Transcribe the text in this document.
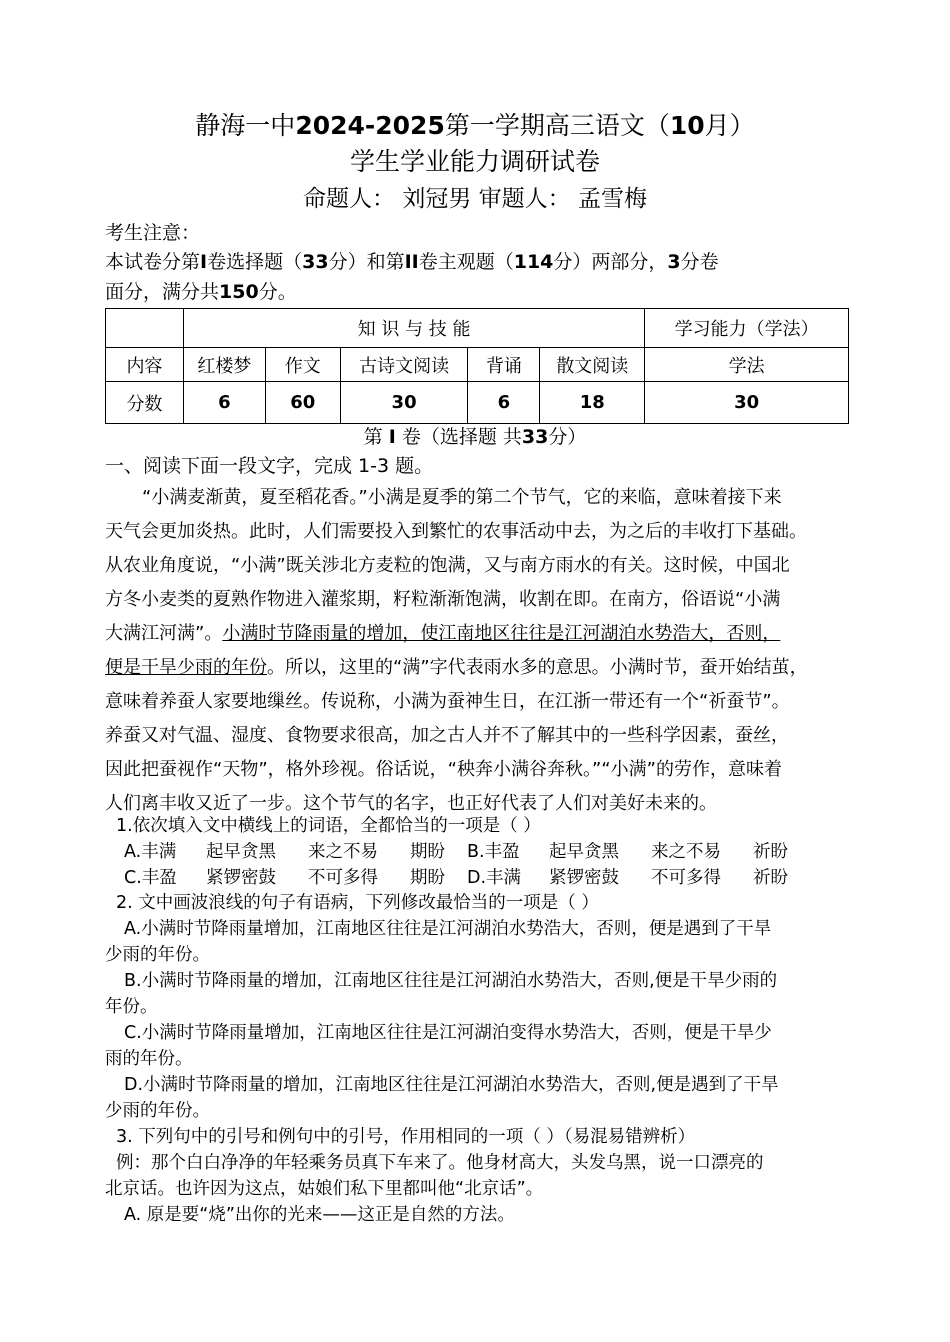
静海一中2024-2025第一学期高三语文（10月）
学生学业能力调研试卷
命题人： 刘冠男 审题人： 孟雪梅
考生注意：
本试卷分第I卷选择题（33分）和第II卷主观题（114分）两部分，3分卷
面分，满分共150分。
	知 识 与 技 能					学习能力（学法）
内容	红楼梦	作文	古诗文阅读	背诵	散文阅读	学法
分数	6	60	30	6	18	30
第 I 卷（选择题 共33分）
一、阅读下面一段文字，完成 1-3 题。
“小满麦渐黄，夏至稻花香。”小满是夏季的第二个节气，它的来临，意味着接下来
天气会更加炎热。此时，人们需要投入到繁忙的农事活动中去，为之后的丰收打下基础。
从农业角度说，“小满”既关涉北方麦粒的饱满，又与南方雨水的有关。这时候，中国北
方冬小麦类的夏熟作物进入灌浆期，籽粒渐渐饱满，收割在即。在南方，俗语说“小满
大满江河满”。小满时节降雨量的增加，使江南地区往往是江河湖泊水势浩大，否则，
便是干旱少雨的年份。所以，这里的“满”字代表雨水多的意思。小满时节，蚕开始结茧，
意味着养蚕人家要地缫丝。传说称，小满为蚕神生日，在江浙一带还有一个“祈蚕节”。
养蚕又对气温、湿度、食物要求很高，加之古人并不了解其中的一些科学因素，蚕丝，
因此把蚕视作“天物”，格外珍视。俗话说，“秧奔小满谷奔秋。”“小满”的劳作，意味着
人们离丰收又近了一步。这个节气的名字，也正好代表了人们对美好未来的。
1.依次填入文中横线上的词语，全都恰当的一项是（ ）
A.丰满 起早贪黑 来之不易 期盼 B.丰盈 起早贪黑 来之不易 祈盼
C.丰盈 紧锣密鼓 不可多得 期盼 D.丰满 紧锣密鼓 不可多得 祈盼
2. 文中画波浪线的句子有语病，下列修改最恰当的一项是（ ）
A.小满时节降雨量增加，江南地区往往是江河湖泊水势浩大，否则，便是遇到了干旱
少雨的年份。
B.小满时节降雨量的增加，江南地区往往是江河湖泊水势浩大，否则,便是干旱少雨的
年份。
C.小满时节降雨量增加，江南地区往往是江河湖泊变得水势浩大，否则，便是干旱少
雨的年份。
D.小满时节降雨量的增加，江南地区往往是江河湖泊水势浩大，否则,便是遇到了干旱
少雨的年份。
3. 下列句中的引号和例句中的引号，作用相同的一项（ ）（易混易错辨析）
例：那个白白净净的年轻乘务员真下车来了。他身材高大，头发乌黑，说一口漂亮的
北京话。也许因为这点，姑娘们私下里都叫他“北京话”。
A. 原是要“烧”出你的光来——这正是自然的方法。
